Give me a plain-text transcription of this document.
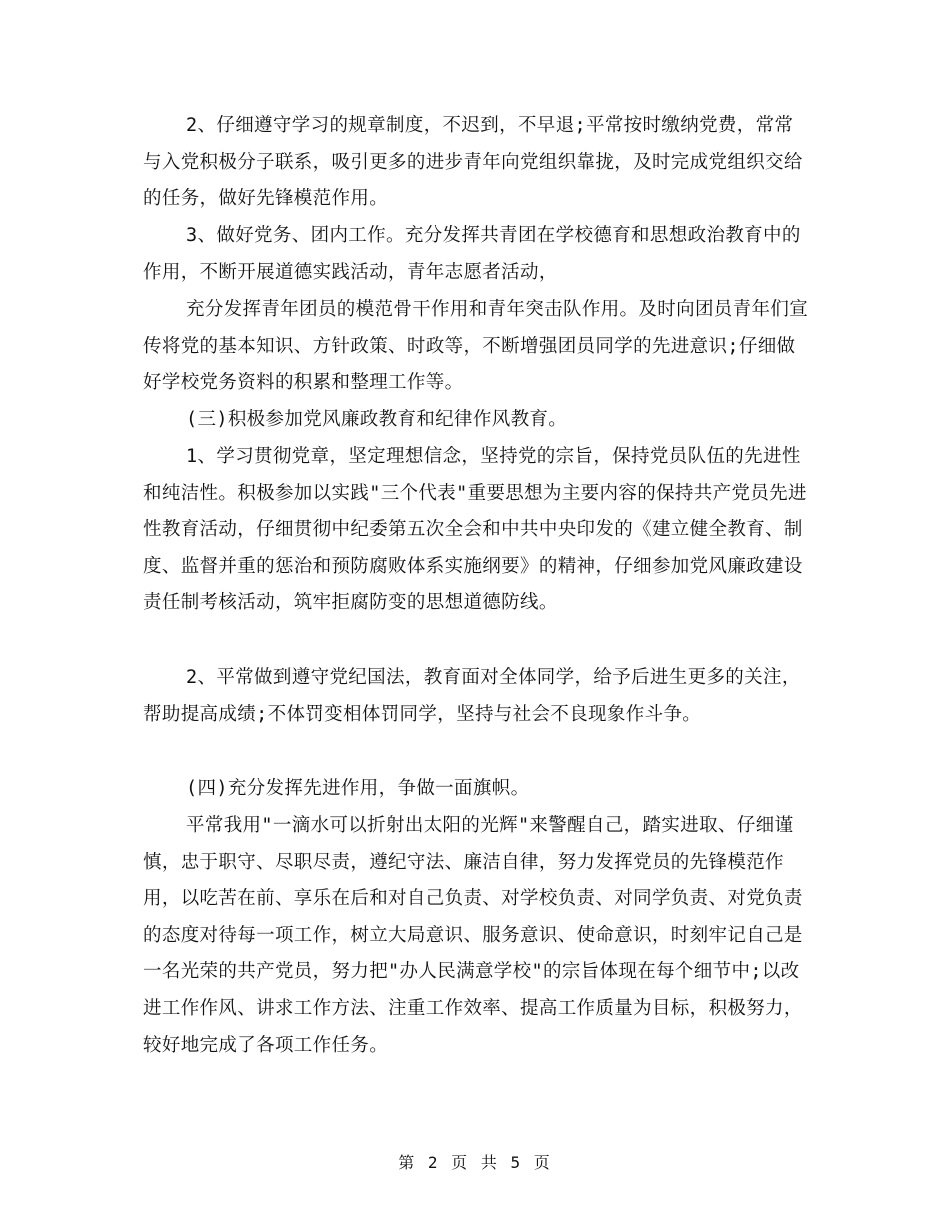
2、仔细遵守学习的规章制度，不迟到，不早退;平常按时缴纳党费，常常与入党积极分子联系，吸引更多的进步青年向党组织靠拢，及时完成党组织交给的任务，做好先锋模范作用。

3、做好党务、团内工作。充分发挥共青团在学校德育和思想政治教育中的作用，不断开展道德实践活动，青年志愿者活动，

充分发挥青年团员的模范骨干作用和青年突击队作用。及时向团员青年们宣传将党的基本知识、方针政策、时政等，不断增强团员同学的先进意识;仔细做好学校党务资料的积累和整理工作等。

(三)积极参加党风廉政教育和纪律作风教育。

1、学习贯彻党章，坚定理想信念，坚持党的宗旨，保持党员队伍的先进性和纯洁性。积极参加以实践"三个代表"重要思想为主要内容的保持共产党员先进性教育活动，仔细贯彻中纪委第五次全会和中共中央印发的《建立健全教育、制度、监督并重的惩治和预防腐败体系实施纲要》的精神，仔细参加党风廉政建设责任制考核活动，筑牢拒腐防变的思想道德防线。

2、平常做到遵守党纪国法，教育面对全体同学，给予后进生更多的关注，帮助提高成绩;不体罚变相体罚同学，坚持与社会不良现象作斗争。

(四)充分发挥先进作用，争做一面旗帜。

平常我用"一滴水可以折射出太阳的光辉"来警醒自己，踏实进取、仔细谨慎，忠于职守、尽职尽责，遵纪守法、廉洁自律，努力发挥党员的先锋模范作用，以吃苦在前、享乐在后和对自己负责、对学校负责、对同学负责、对党负责的态度对待每一项工作，树立大局意识、服务意识、使命意识，时刻牢记自己是一名光荣的共产党员，努力把"办人民满意学校"的宗旨体现在每个细节中;以改进工作作风、讲求工作方法、注重工作效率、提高工作质量为目标，积极努力，较好地完成了各项工作任务。

第 2 页 共 5 页
